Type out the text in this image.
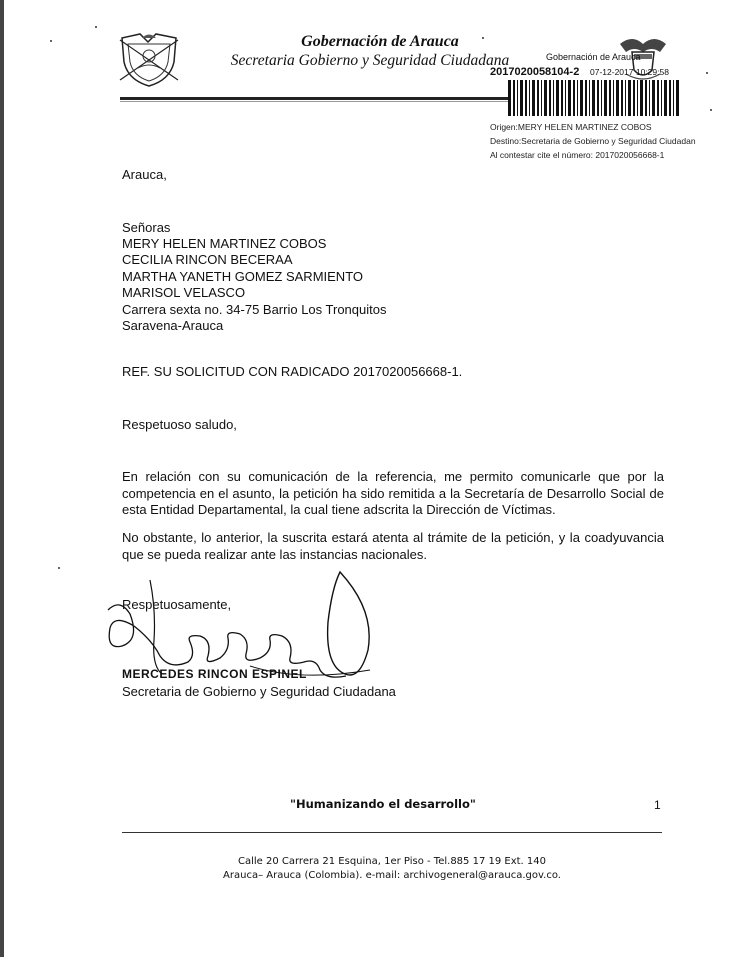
Gobernación de Arauca
Secretaria Gobierno y Seguridad Ciudadana	Gobernación de Arauca
2017020058104-2 07-12-2017 10:29:58
Origen:MERY HELEN MARTINEZ COBOS
Destino:Secretaria de Gobierno y Seguridad Ciudadan
Al contestar cite el número: 2017020056668-1
Arauca,
Señoras
MERY HELEN MARTINEZ COBOS
CECILIA RINCON BECERAA
MARTHA YANETH GOMEZ SARMIENTO
MARISOL VELASCO
Carrera sexta no. 34-75 Barrio Los Tronquitos
Saravena-Arauca
REF. SU SOLICITUD CON RADICADO 2017020056668-1.
Respetuoso saludo,
En relación con su comunicación de la referencia, me permito comunicarle que por la competencia en el asunto, la petición ha sido remitida a la Secretaría de Desarrollo Social de esta Entidad Departamental, la cual tiene adscrita la Dirección de Víctimas.
No obstante, lo anterior, la suscrita estará atenta al trámite de la petición, y la coadyuvancia que se pueda realizar ante las instancias nacionales.
Respetuosamente,
MERCEDES RINCON ESPINEL
Secretaria de Gobierno y Seguridad Ciudadana
"Humanizando el desarrollo"	1
Calle 20 Carrera 21 Esquina, 1er Piso - Tel.885 17 19 Ext. 140
Arauca– Arauca (Colombia). e-mail: archivogeneral@arauca.gov.co.
